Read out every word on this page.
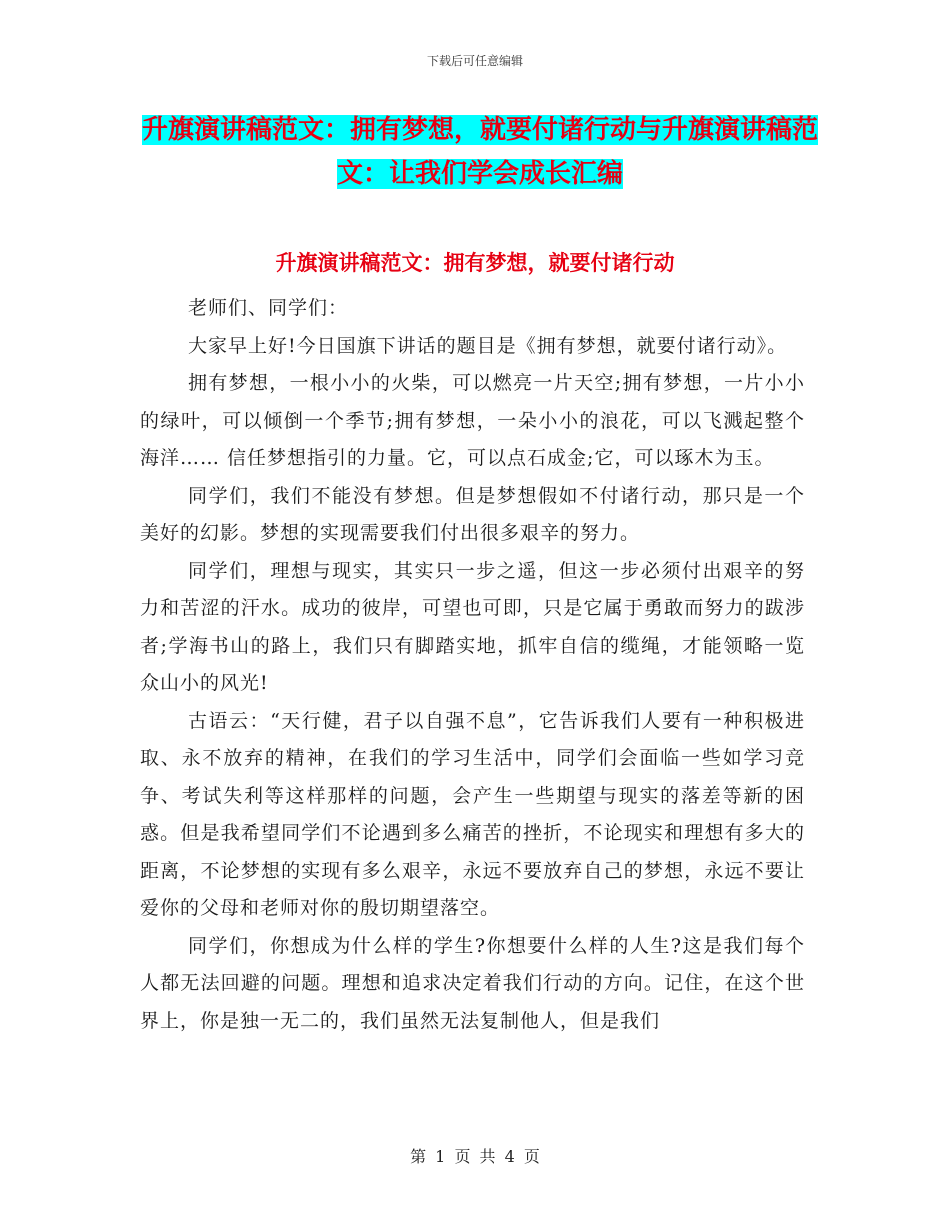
下载后可任意编辑
升旗演讲稿范文：拥有梦想，就要付诸行动与升旗演讲稿范文：让我们学会成长汇编
升旗演讲稿范文：拥有梦想，就要付诸行动

老师们、同学们：

大家早上好!今日国旗下讲话的题目是《拥有梦想，就要付诸行动》。

拥有梦想，一根小小的火柴，可以燃亮一片天空;拥有梦想，一片小小的绿叶，可以倾倒一个季节;拥有梦想，一朵小小的浪花，可以飞溅起整个海洋…… 信任梦想指引的力量。它，可以点石成金;它，可以琢木为玉。

同学们，我们不能没有梦想。但是梦想假如不付诸行动，那只是一个美好的幻影。梦想的实现需要我们付出很多艰辛的努力。

同学们，理想与现实，其实只一步之遥，但这一步必须付出艰辛的努力和苦涩的汗水。成功的彼岸，可望也可即，只是它属于勇敢而努力的跋涉者;学海书山的路上，我们只有脚踏实地，抓牢自信的缆绳，才能领略一览众山小的风光!

古语云：“天行健，君子以自强不息”，它告诉我们人要有一种积极进取、永不放弃的精神，在我们的学习生活中，同学们会面临一些如学习竞争、考试失利等这样那样的问题，会产生一些期望与现实的落差等新的困惑。但是我希望同学们不论遇到多么痛苦的挫折，不论现实和理想有多大的距离，不论梦想的实现有多么艰辛，永远不要放弃自己的梦想，永远不要让爱你的父母和老师对你的殷切期望落空。

同学们，你想成为什么样的学生?你想要什么样的人生?这是我们每个人都无法回避的问题。理想和追求决定着我们行动的方向。记住，在这个世界上，你是独一无二的，我们虽然无法复制他人，但是我们

第 1 页 共 4 页
